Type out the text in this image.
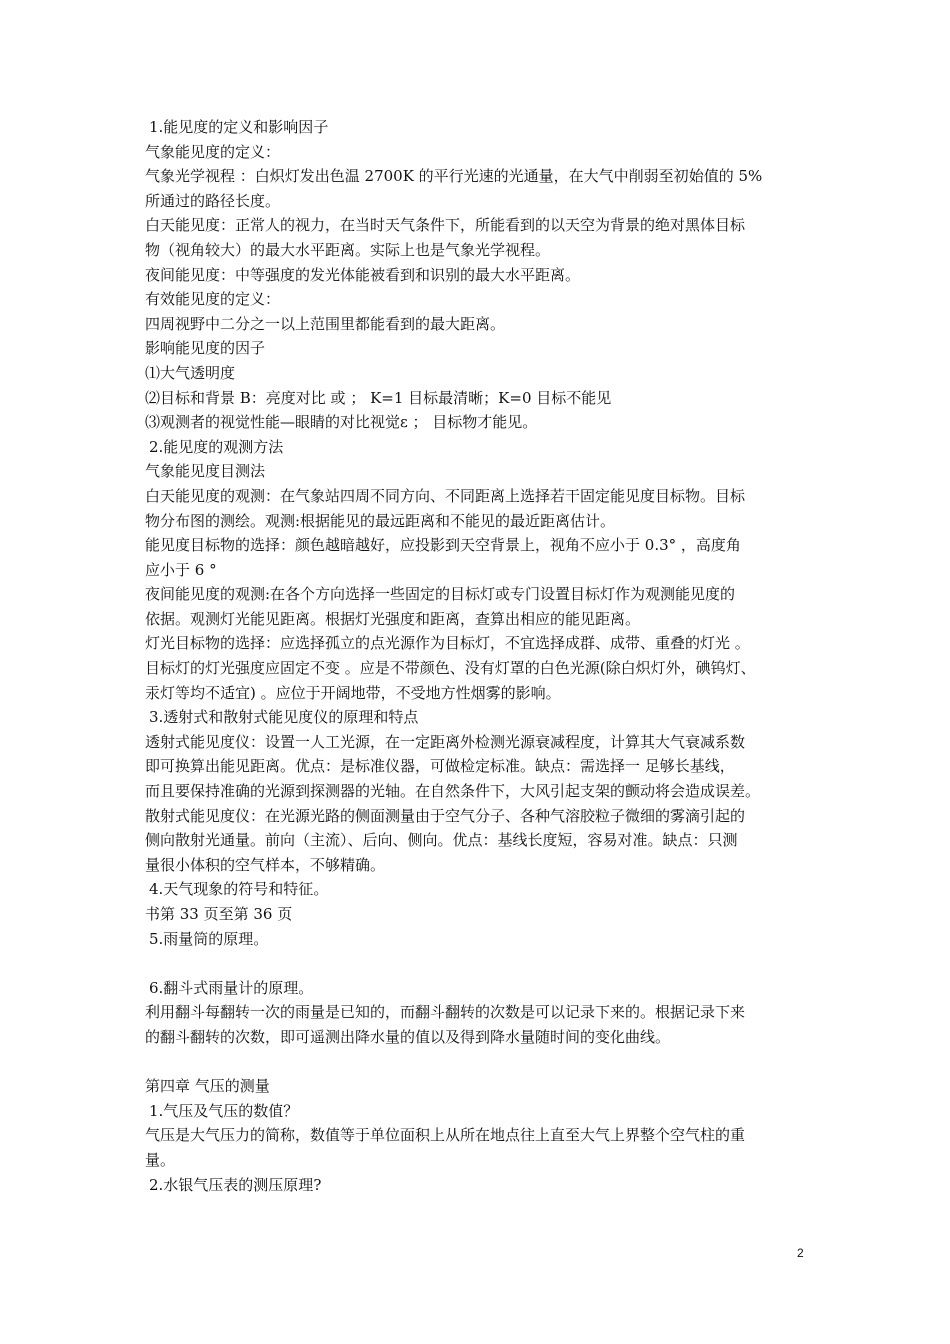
1.能见度的定义和影响因子
气象能见度的定义：
气象光学视程 ：白炽灯发出色温 2700K 的平行光速的光通量，在大气中削弱至初始值的 5%
所通过的路径长度。
白天能见度：正常人的视力，在当时天气条件下，所能看到的以天空为背景的绝对黑体目标
物（视角较大）的最大水平距离。实际上也是气象光学视程。
夜间能见度：中等强度的发光体能被看到和识别的最大水平距离。
有效能见度的定义：
四周视野中二分之一以上范围里都能看到的最大距离。
影响能见度的因子
⑴大气透明度
⑵目标和背景 B：亮度对比 或 ； K=1 目标最清晰；K=0 目标不能见
⑶观测者的视觉性能—眼睛的对比视觉ε ； 目标物才能见。
2.能见度的观测方法
气象能见度目测法
白天能见度的观测：在气象站四周不同方向、不同距离上选择若干固定能见度目标物。目标
物分布图的测绘。观测:根据能见的最远距离和不能见的最近距离估计。
能见度目标物的选择：颜色越暗越好，应投影到天空背景上，视角不应小于 0.3° ，高度角
应小于 6 °
夜间能见度的观测:在各个方向选择一些固定的目标灯或专门设置目标灯作为观测能见度的
依据。观测灯光能见距离。根据灯光强度和距离，查算出相应的能见距离。
灯光目标物的选择：应选择孤立的点光源作为目标灯，不宜选择成群、成带、重叠的灯光 。
目标灯的灯光强度应固定不变 。应是不带颜色、没有灯罩的白色光源(除白炽灯外，碘钨灯、
汞灯等均不适宜) 。应位于开阔地带，不受地方性烟雾的影响。
3.透射式和散射式能见度仪的原理和特点
透射式能见度仪：设置一人工光源，在一定距离外检测光源衰减程度，计算其大气衰减系数
即可换算出能见距离。优点：是标准仪器，可做检定标准。缺点：需选择一 足够长基线，
而且要保持准确的光源到探测器的光轴。在自然条件下，大风引起支架的颤动将会造成误差。
散射式能见度仪：在光源光路的侧面测量由于空气分子、各种气溶胶粒子微细的雾滴引起的
侧向散射光通量。前向（主流）、后向、侧向。优点：基线长度短，容易对准。缺点：只测
量很小体积的空气样本，不够精确。
4.天气现象的符号和特征。
书第 33 页至第 36 页
5.雨量筒的原理。
6.翻斗式雨量计的原理。
利用翻斗每翻转一次的雨量是已知的，而翻斗翻转的次数是可以记录下来的。根据记录下来
的翻斗翻转的次数，即可遥测出降水量的值以及得到降水量随时间的变化曲线。
第四章 气压的测量
1.气压及气压的数值？
气压是大气压力的简称，数值等于单位面积上从所在地点往上直至大气上界整个空气柱的重
量。
2.水银气压表的测压原理?
2
